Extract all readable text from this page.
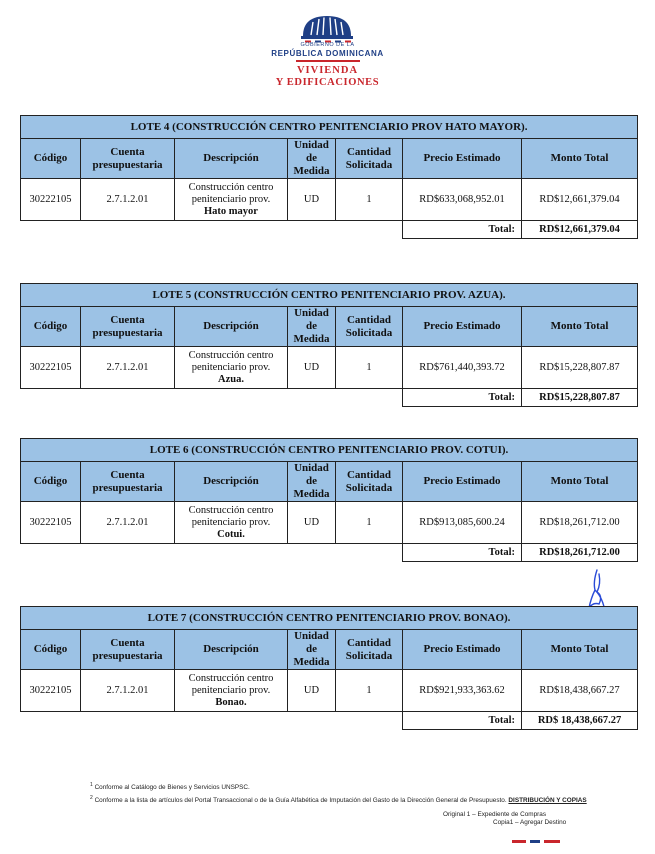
GOBIERNO DE LA
REPÚBLICA DOMINICANA
VIVIENDA
Y EDIFICACIONES
LOTE 4 (CONSTRUCCIÓN CENTRO PENITENCIARIO PROV HATO MAYOR).						
Código	Cuenta presupuestaria	Descripción	Unidad de Medida	Cantidad Solicitada	Precio Estimado	Monto Total
30222105	2.7.1.2.01	Construcción centro
penitenciario prov.
Hato mayor	UD	1	RD$633,068,952.01	RD$12,661,379.04
					Total:	RD$12,661,379.04
LOTE 5 (CONSTRUCCIÓN CENTRO PENITENCIARIO PROV. AZUA).						
Código	Cuenta presupuestaria	Descripción	Unidad de Medida	Cantidad Solicitada	Precio Estimado	Monto Total
30222105	2.7.1.2.01	Construcción centro
penitenciario prov.
Azua.	UD	1	RD$761,440,393.72	RD$15,228,807.87
					Total:	RD$15,228,807.87
LOTE 6 (CONSTRUCCIÓN CENTRO PENITENCIARIO PROV. COTUI).						
Código	Cuenta presupuestaria	Descripción	Unidad de Medida	Cantidad Solicitada	Precio Estimado	Monto Total
30222105	2.7.1.2.01	Construcción centro
penitenciario prov.
Cotui.	UD	1	RD$913,085,600.24	RD$18,261,712.00
					Total:	RD$18,261,712.00
LOTE 7 (CONSTRUCCIÓN CENTRO PENITENCIARIO PROV. BONAO).						
Código	Cuenta presupuestaria	Descripción	Unidad de Medida	Cantidad Solicitada	Precio Estimado	Monto Total
30222105	2.7.1.2.01	Construcción centro
penitenciario prov.
Bonao.	UD	1	RD$921,933,363.62	RD$18,438,667.27
					Total:	RD$ 18,438,667.27
$^1$ Conforme al Catálogo de Bienes y Servicios UNSPSC.
$^2$ Conforme a la lista de artículos del Portal Transaccional o de la Guía Alfabética de Imputación del Gasto de la Dirección General de Presupuesto. DISTRIBUCIÓN Y COPIAS
Original 1 – Expediente de Compras
Copia1 – Agregar Destino
